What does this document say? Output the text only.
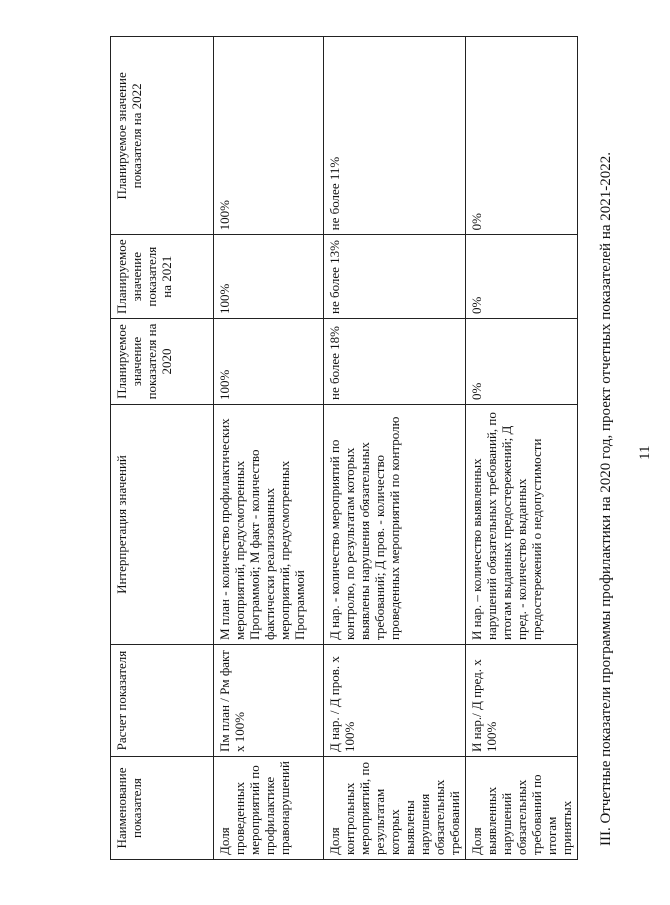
11
III. Отчетные показатели программы профилактики на 2020 год, проект отчетных показателей на 2021-2022.
Наименование показателя	Расчет показателя	Интерпретация значений	Планируемое значение показателя на 2020	Планируемое значение показателя на 2021	Планируемое значение показателя на 2022
Доля проведенных мероприятий по профилактике правонарушений	Пм план / Рм факт х 100%	М план - количество профилактических мероприятий, предусмотренных Программой; М факт - количество фактически реализованных мероприятий, предусмотренных Программой	100%	100%	100%
Доля контрольных мероприятий, по результатам которых выявлены нарушения обязательных требований	Д нар. / Д пров. х 100%	Д нар. - количество мероприятий по контролю, по результатам которых выявлены нарушения обязательных требований; Д пров. - количество проведенных мероприятий по контролю	не более 18%	не более 13%	не более 11%
Доля выявленных нарушений обязательных требований по итогам принятых	И нар./ Д пред. х 100%	И нар. – количество выявленных нарушений обязательных требований, по итогам выданных предостережений; Д пред. - количество выданных предостережений о недопустимости	0%	0%	0%
